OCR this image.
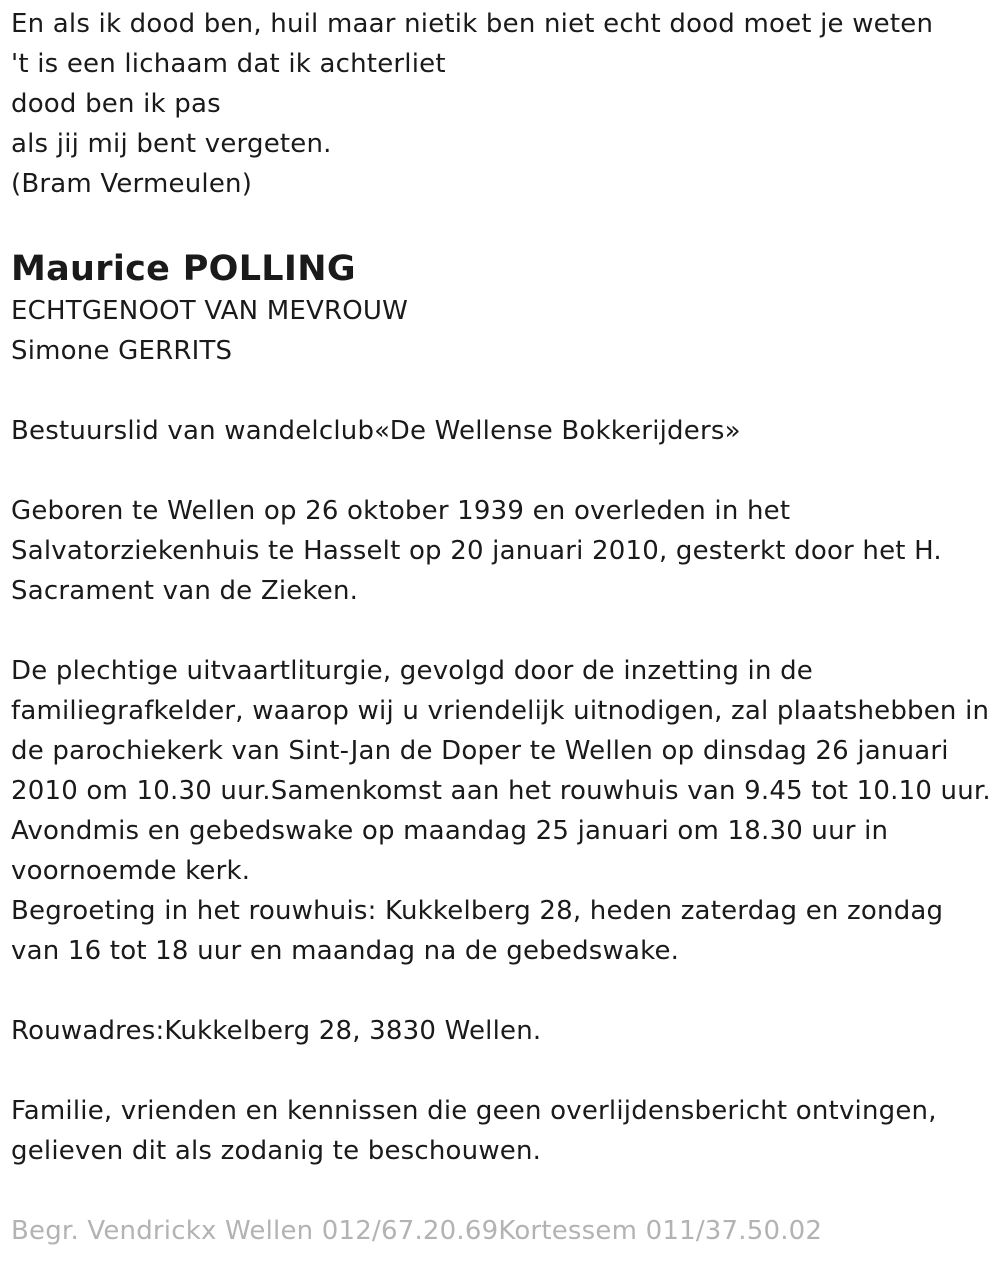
En als ik dood ben, huil maar nietik ben niet echt dood moet je weten
't is een lichaam dat ik achterliet
dood ben ik pas
als jij mij bent vergeten.
(Bram Vermeulen)
Maurice POLLING
ECHTGENOOT VAN MEVROUW
Simone GERRITS
Bestuurslid van wandelclub«De Wellense Bokkerijders»
Geboren te Wellen op 26 oktober 1939 en overleden in het
Salvatorziekenhuis te Hasselt op 20 januari 2010, gesterkt door het H.
Sacrament van de Zieken.
De plechtige uitvaartliturgie, gevolgd door de inzetting in de
familiegrafkelder, waarop wij u vriendelijk uitnodigen, zal plaatshebben in
de parochiekerk van Sint-Jan de Doper te Wellen op dinsdag 26 januari
2010 om 10.30 uur.Samenkomst aan het rouwhuis van 9.45 tot 10.10 uur.
Avondmis en gebedswake op maandag 25 januari om 18.30 uur in
voornoemde kerk.
Begroeting in het rouwhuis: Kukkelberg 28, heden zaterdag en zondag
van 16 tot 18 uur en maandag na de gebedswake.
Rouwadres:Kukkelberg 28, 3830 Wellen.
Familie, vrienden en kennissen die geen overlijdensbericht ontvingen,
gelieven dit als zodanig te beschouwen.
Begr. Vendrickx Wellen 012/67.20.69Kortessem 011/37.50.02
